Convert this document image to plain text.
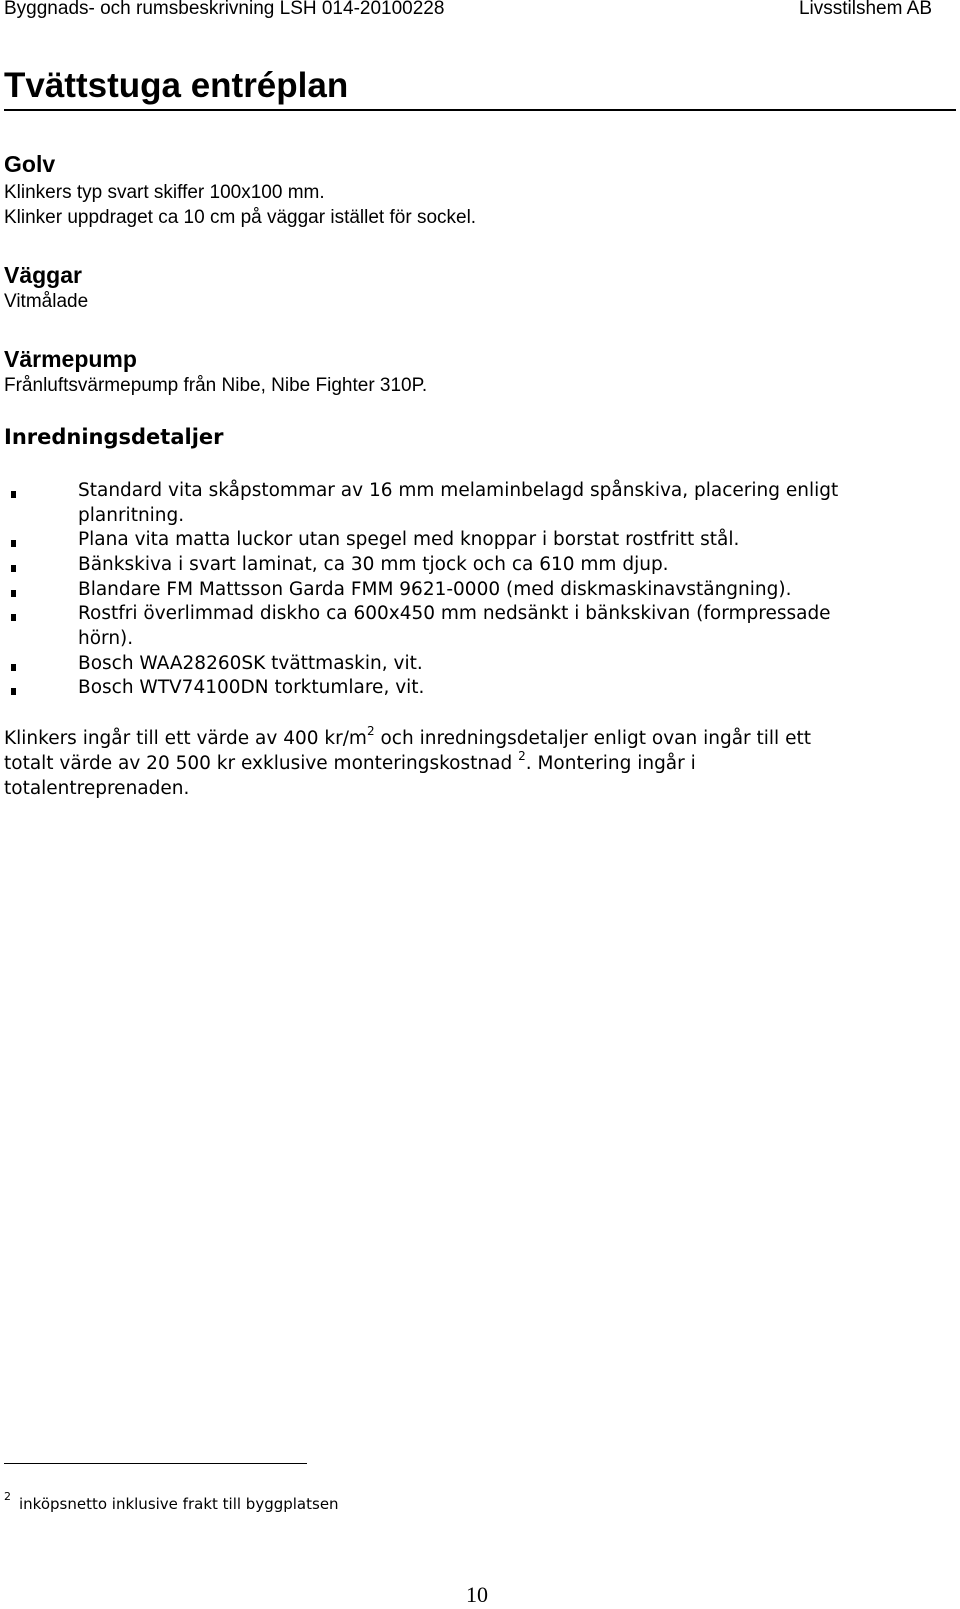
Byggnads- och rumsbeskrivning LSH 014-20100228	Livsstilshem AB
Tvättstuga entréplan
Golv
Klinkers typ svart skiffer 100x100 mm.
Klinker uppdraget ca 10 cm på väggar istället för sockel.
Väggar
Vitmålade
Värmepump
Frånluftsvärmepump från Nibe, Nibe Fighter 310P.
Inredningsdetaljer
Standard vita skåpstommar av 16 mm melaminbelagd spånskiva, placering enligt
planritning.
Plana vita matta luckor utan spegel med knoppar i borstat rostfritt stål.
Bänkskiva i svart laminat, ca 30 mm tjock och ca 610 mm djup.
Blandare FM Mattsson Garda FMM 9621-0000 (med diskmaskinavstängning).
Rostfri överlimmad diskho ca 600x450 mm nedsänkt i bänkskivan (formpressade
hörn).
Bosch WAA28260SK tvättmaskin, vit.
Bosch WTV74100DN torktumlare, vit.
Klinkers ingår till ett värde av 400 $kr/m^2$ och inredningsdetaljer enligt ovan ingår till ett
totalt värde av 20 500 kr exklusive monteringskostnad $^2$. Montering ingår i
totalentreprenaden.
$^2$ inköpsnetto inklusive frakt till byggplatsen
10
